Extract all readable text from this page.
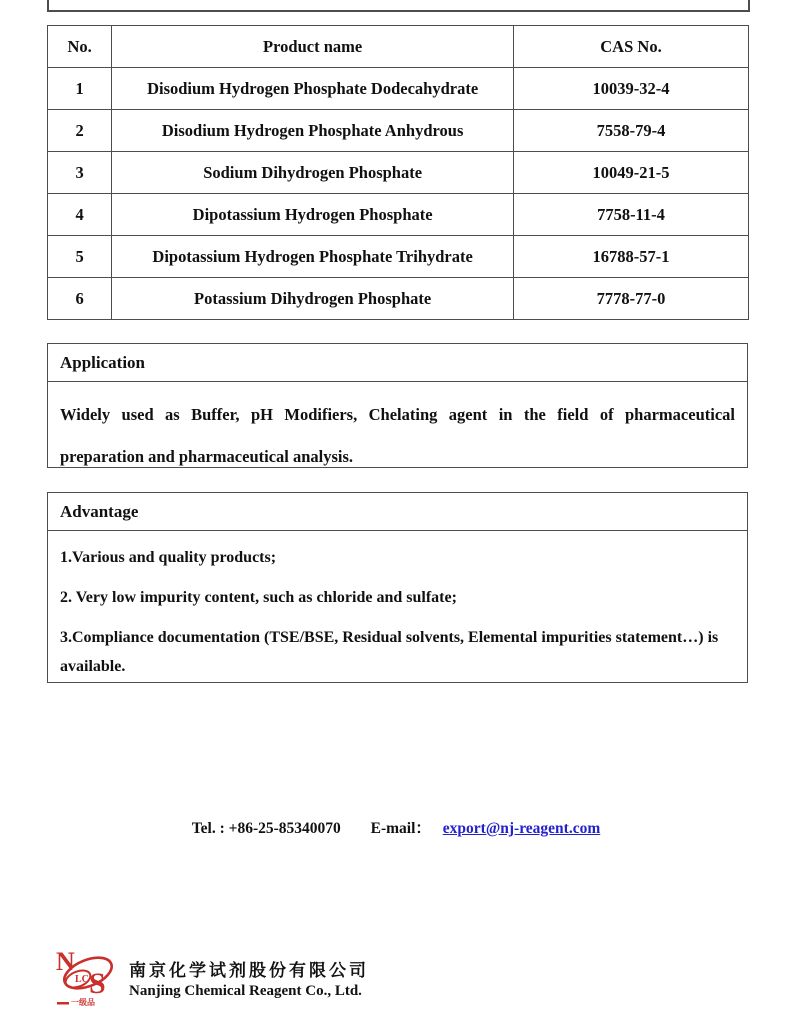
No.	Product name	CAS No.
1	Disodium Hydrogen Phosphate Dodecahydrate	10039-32-4
2	Disodium Hydrogen Phosphate Anhydrous	7558-79-4
3	Sodium Dihydrogen Phosphate	10049-21-5
4	Dipotassium Hydrogen Phosphate	7758-11-4
5	Dipotassium Hydrogen Phosphate Trihydrate	16788-57-1
6	Potassium Dihydrogen Phosphate	7778-77-0
Application
Widely used as Buffer, pH Modifiers, Chelating agent in the field of pharmaceutical preparation and pharmaceutical analysis.
Advantage

1.Various and quality products;

2. Very low impurity content, such as chloride and sulfate;

3.Compliance documentation (TSE/BSE, Residual solvents, Elemental impurities statement…) is available.

Tel. : +86-25-85340070 E-mail： export@nj-reagent.com
N
S
LC
一级品
南京化学试剂股份有限公司
Nanjing Chemical Reagent Co., Ltd.
